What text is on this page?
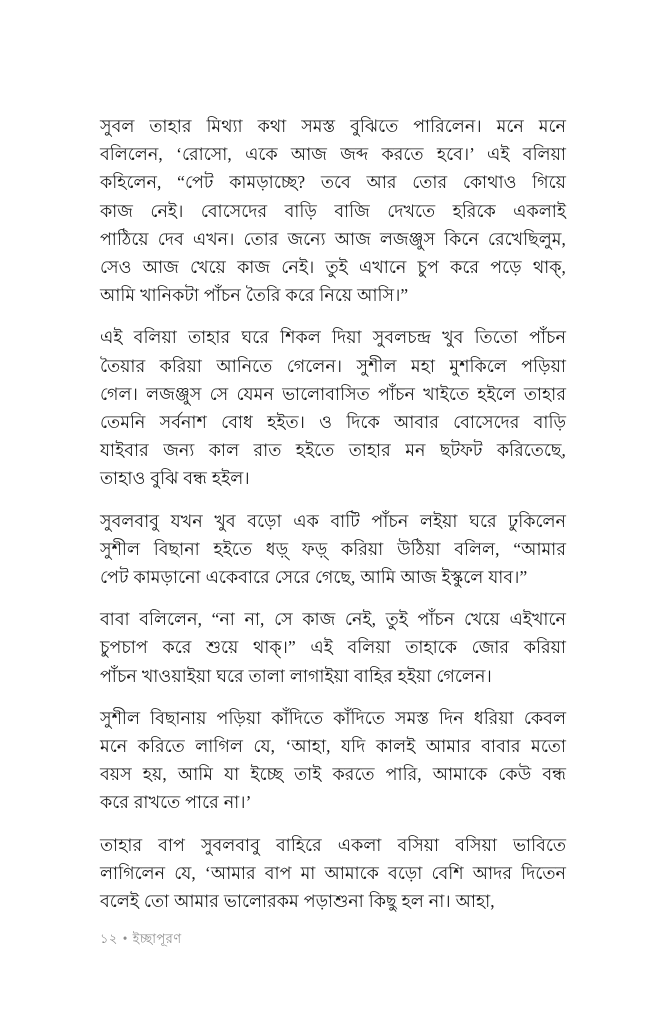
সুবল তাহার মিথ্যা কথা সমস্ত বুঝিতে পারিলেন। মনে মনে
বলিলেন, ‘রোসো, একে আজ জব্দ করতে হবে।’ এই বলিয়া
কহিলেন, “পেট কামড়াচ্ছে? তবে আর তোর কোথাও গিয়ে
কাজ নেই। বোসেদের বাড়ি বাজি দেখতে হরিকে একলাই
পাঠিয়ে দেব এখন। তোর জন্যে আজ লজঞ্জুস কিনে রেখেছিলুম,
সেও আজ খেয়ে কাজ নেই। তুই এখানে চুপ করে পড়ে থাক্‌,
আমি খানিকটা পাঁচন তৈরি করে নিয়ে আসি।”

এই বলিয়া তাহার ঘরে শিকল দিয়া সুবলচন্দ্র খুব তিতো পাঁচন
তৈয়ার করিয়া আনিতে গেলেন। সুশীল মহা মুশকিলে পড়িয়া
গেল। লজঞ্জুস সে যেমন ভালোবাসিত পাঁচন খাইতে হইলে তাহার
তেমনি সর্বনাশ বোধ হইত। ও দিকে আবার বোসেদের বাড়ি
যাইবার জন্য কাল রাত হইতে তাহার মন ছটফট করিতেছে,
তাহাও বুঝি বন্ধ হইল।

সুবলবাবু যখন খুব বড়ো এক বাটি পাঁচন লইয়া ঘরে ঢুকিলেন
সুশীল বিছানা হইতে ধড়্‌ ফড়্‌ করিয়া উঠিয়া বলিল, “আমার
পেট কামড়ানো একেবারে সেরে গেছে, আমি আজ ইস্কুলে যাব।”

বাবা বলিলেন, “না না, সে কাজ নেই, তুই পাঁচন খেয়ে এইখানে
চুপচাপ করে শুয়ে থাক্‌।” এই বলিয়া তাহাকে জোর করিয়া
পাঁচন খাওয়াইয়া ঘরে তালা লাগাইয়া বাহির হইয়া গেলেন।

সুশীল বিছানায় পড়িয়া কাঁদিতে কাঁদিতে সমস্ত দিন ধরিয়া কেবল
মনে করিতে লাগিল যে, ‘আহা, যদি কালই আমার বাবার মতো
বয়স হয়, আমি যা ইচ্ছে তাই করতে পারি, আমাকে কেউ বন্ধ
করে রাখতে পারে না।’

তাহার বাপ সুবলবাবু বাহিরে একলা বসিয়া বসিয়া ভাবিতে
লাগিলেন যে, ‘আমার বাপ মা আমাকে বড়ো বেশি আদর দিতেন
বলেই তো আমার ভালোরকম পড়াশুনা কিছু হল না। আহা,

১২ • ইচ্ছাপূরণ
